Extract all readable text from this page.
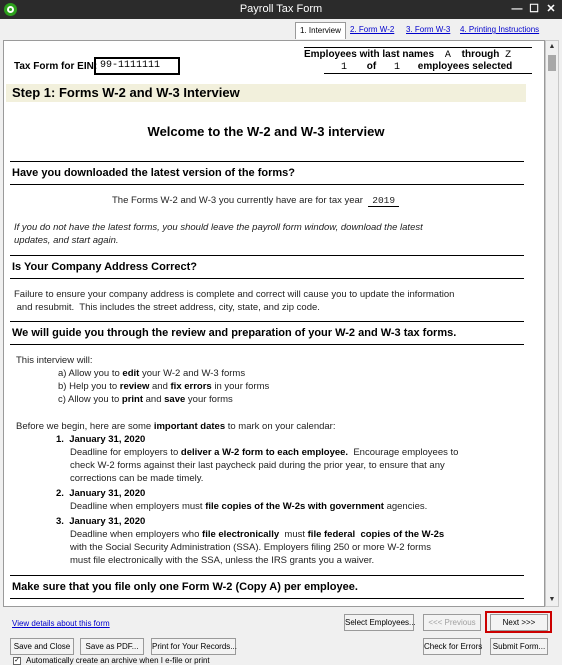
Payroll Tax Form	— ☐ ✕
1. Interview	2. Form W-2	3. Form W-3	4. Printing Instructions
Tax Form for EIN: 99-1111111
Employees with last names A through Z
1 of 1 employees selected
Step 1: Forms W-2 and W-3 Interview
Welcome to the W-2 and W-3 interview
Have you downloaded the latest version of the forms?
The Forms W-2 and W-3 you currently have are for tax year 2019
If you do not have the latest forms, you should leave the payroll form window, download the latest
updates, and start again.
Is Your Company Address Correct?
Failure to ensure your company address is complete and correct will cause you to update the information
and resubmit.  This includes the street address, city, state, and zip code.
We will guide you through the review and preparation of your W-2 and W-3 tax forms.
This interview will:
a) Allow you to edit your W-2 and W-3 forms
b) Help you to review and fix errors in your forms
c) Allow you to print and save your forms
Before we begin, here are some important dates to mark on your calendar:
1.  January 31, 2020
Deadline for employers to deliver a W-2 form to each employee.  Encourage employees to
check W-2 forms against their last paycheck paid during the prior year, to ensure that any
corrections can be made timely.
2.  January 31, 2020
Deadline when employers must file copies of the W-2s with government agencies.
3.  January 31, 2020
Deadline when employers who file electronically  must file federal  copies of the W-2s
with the Social Security Administration (SSA). Employers filing 250 or more W-2 forms
must file electronically with the SSA, unless the IRS grants you a waiver.
Make sure that you file only one Form W-2 (Copy A) per employee.
▲
▼
View details about this form	Select Employees...	<<< Previous	Next >>>
Save and Close	Save as PDF...	Print for Your Records...	Check for Errors	Submit Form...
✓ Automatically create an archive when I e-file or print
